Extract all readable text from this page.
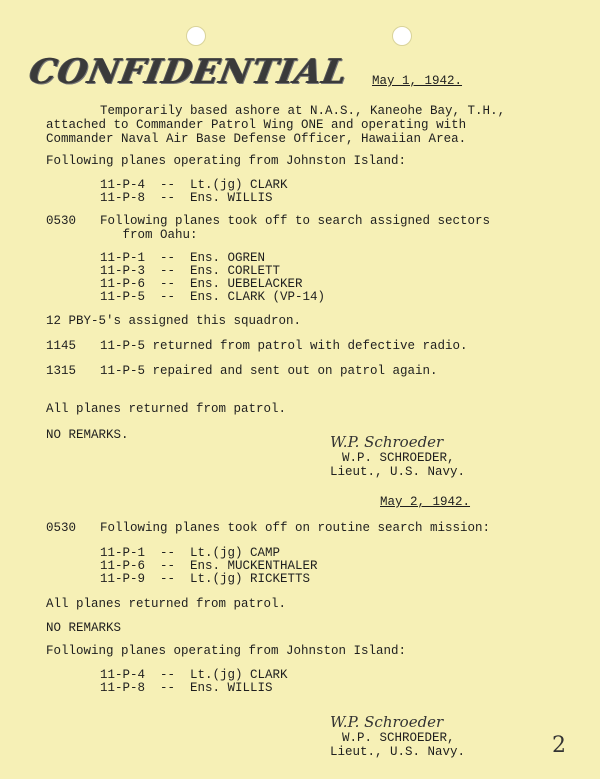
CONFIDENTIAL May 1, 1942.
Temporarily based ashore at N.A.S., Kaneohe Bay, T.H.,
attached to Commander Patrol Wing ONE and operating with
Commander Naval Air Base Defense Officer, Hawaiian Area.
Following planes operating from Johnston Island:
11-P-4  --  Lt.(jg) CLARK
11-P-8  --  Ens. WILLIS
0530 Following planes took off to search assigned sectors
from Oahu:
11-P-1  --  Ens. OGREN
11-P-3  --  Ens. CORLETT
11-P-6  --  Ens. UEBELACKER
11-P-5  --  Ens. CLARK (VP-14)
12 PBY-5's assigned this squadron.
1145 11-P-5 returned from patrol with defective radio.
1315 11-P-5 repaired and sent out on patrol again.
All planes returned from patrol.
NO REMARKS.	W.P. Schroeder
W.P. SCHROEDER,
Lieut., U.S. Navy.
May 2, 1942.
0530 Following planes took off on routine search mission:
11-P-1  --  Lt.(jg) CAMP
11-P-6  --  Ens. MUCKENTHALER
11-P-9  --  Lt.(jg) RICKETTS
All planes returned from patrol.
NO REMARKS
Following planes operating from Johnston Island:
11-P-4  --  Lt.(jg) CLARK
11-P-8  --  Ens. WILLIS
W.P. Schroeder
W.P. SCHROEDER,
Lieut., U.S. Navy.	2
